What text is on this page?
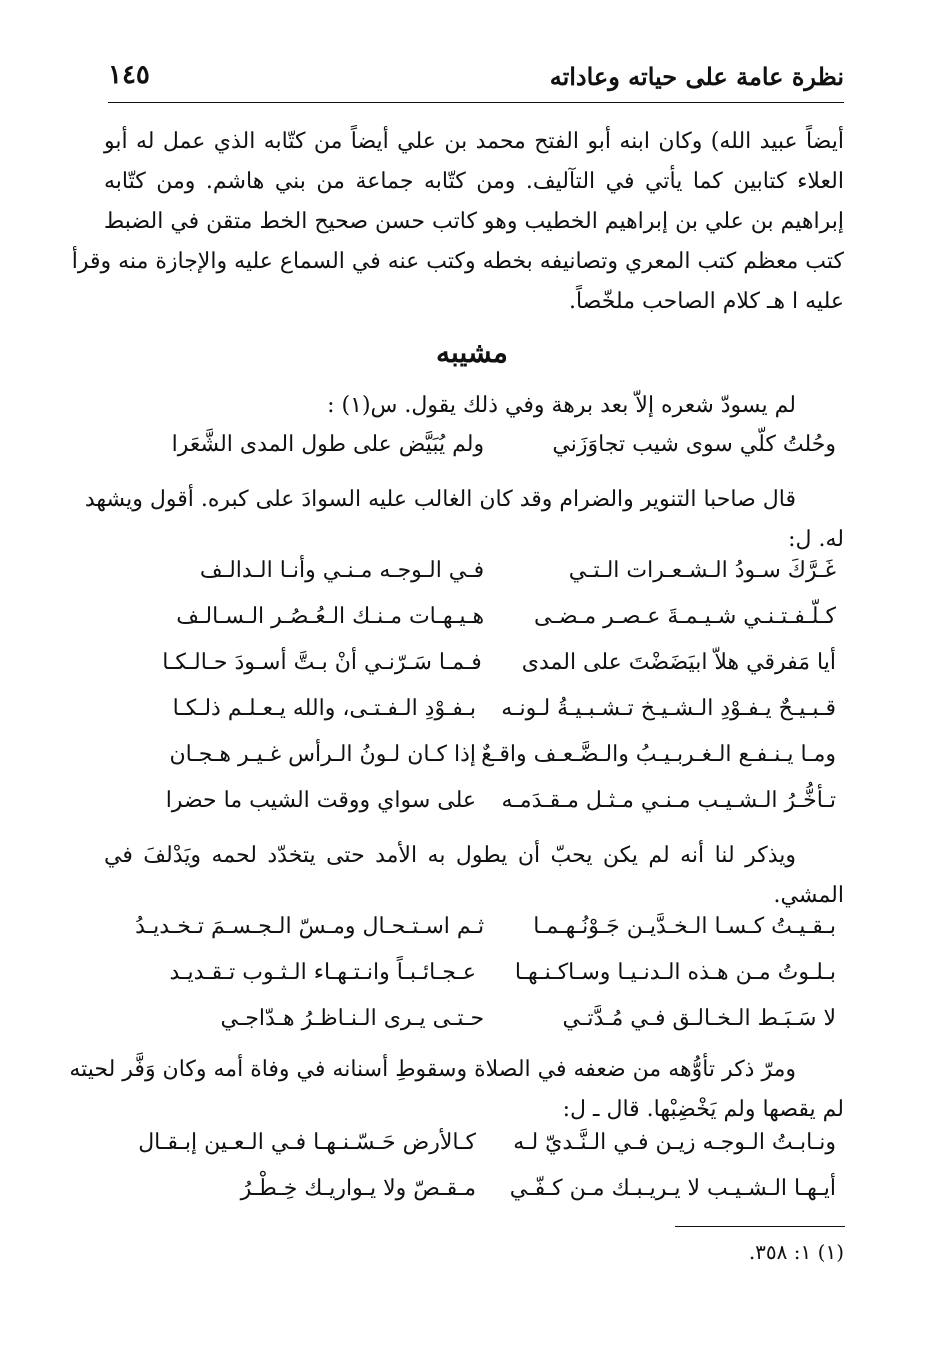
نظرة عامة على حياته وعاداته
١٤٥
أيضاً عبيد الله) وكان ابنه أبو الفتح محمد بن علي أيضاً من كتّابه الذي عمل له أبو
العلاء كتابين كما يأتي في التآليف. ومن كتّابه جماعة من بني هاشم. ومن كتّابه
إبراهيم بن علي بن إبراهيم الخطيب وهو كاتب حسن صحيح الخط متقن في الضبط
كتب معظم كتب المعري وتصانيفه بخطه وكتب عنه في السماع عليه والإجازة منه وقرأ
عليه ا هـ كلام الصاحب ملخّصاً.
مشيبه
لم يسودّ شعره إلاّ بعد برهة وفي ذلك يقول. س(١) :
وحُلتُ كلّي سوى شيب تجاوَزَني
ولم يُبَيَّض على طول المدى الشَّعَرا
قال صاحبا التنوير والضرام وقد كان الغالب عليه السوادَ على كبره. أقول ويشهد
له. ل:
غَـرَّكَ سـودُ الـشـعـرات الـتـي
فـي الـوجـه مـنـي وأنـا الـدالـف
كـلّـفـتـنـي شـيـمـةَ عـصـر مـضـى
هـيـهـات مـنـك الـعُـصُـر الـسـالـف
أيا مَفرقي هلاّ ابيَضَضْتَ على المدى
فـمـا سَـرّنـي أنْ بـتَّ أسـودَ حـالـكـا
قـبـيـحٌ يـفـوْدِ الـشـيـخ تـشـبـيـةُ لـونـه
بـفـوْدِ الـفـتـى، والله يـعـلـم ذلـكـا
ومـا يـنـفـع الـغـربـيـبُ والـضَّـعـف واقـعٌ
إذا كـان لـونُ الـرأس غـيـر هـجـان
تـأخُّـرُ الـشـيـب مـنـي مـثـل مـقـدَمـه
على سواي ووقت الشيب ما حضرا
ويذكر لنا أنه لم يكن يحبّ أن يطول به الأمد حتى يتخدّد لحمه ويَدْلفَ في
المشي.
بـقـيـتُ كـسـا الـخـدَّيـن جَـوْنُـهـمـا
ثـم اسـتـحـال ومـسّ الـجـسـمَ تـخـديـدُ
بـلـوتُ مـن هـذه الـدنـيـا وسـاكـنـهـا
عـجـائـبـاً وانـتـهـاء الـثـوب تـقـديـد
لا سَـبَـط الـخـالـق فـي مُـدَّتـي
حـتـى يـرى الـنـاظـرُ هـدّاجـي
ومرّ ذكر تأوُّهه من ضعفه في الصلاة وسقوطِ أسنانه في وفاة أمه وكان وَفَّر لحيته
لم يقصها ولم يَخْضِبْها. قال ـ ل:
ونـابـتُ الـوجـه زيـن فـي الـنَّـديّ لـه
كـالأرض حَـسّـنـهـا فـي الـعـين إبـقـال
أيـهـا الـشـيـب لا يـريـبـك مـن كـفّـي
مـقـصّ ولا يـواريـك خِـطْـرُ
(١) ١: ٣٥٨.
